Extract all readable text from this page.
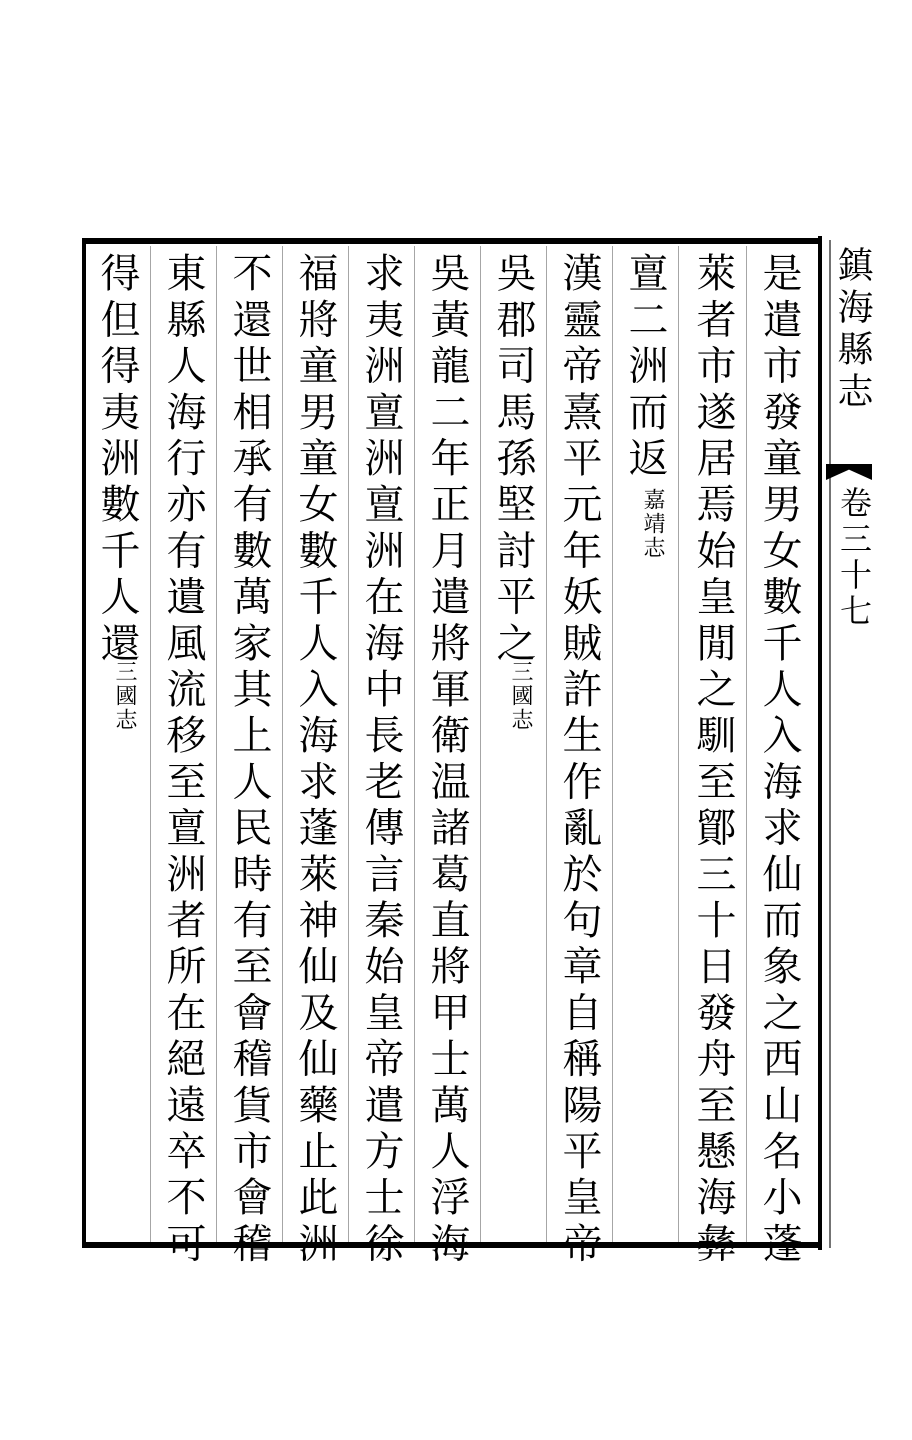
鎮海縣志
卷三十七
是遣市發童男女數千人入海求仙而象之西山名小蓬
萊者市遂居焉始皇閒之馴至鄮三十日發舟至懸海彝
亶二洲而返
嘉靖志
漢靈帝熹平元年妖賊許生作亂於句章自稱陽平皇帝
吳郡司馬孫堅討平之
三國志
吳黃龍二年正月遣將軍衛温諸葛直將甲士萬人浮海
求夷洲亶洲亶洲在海中長老傳言秦始皇帝遣方士徐
福將童男童女數千人入海求蓬萊神仙及仙藥止此洲
不還世相承有數萬家其上人民時有至會稽貨市會稽
東縣人海行亦有遺風流移至亶洲者所在絕遠卒不可
得但得夷洲數千人還
三國志
